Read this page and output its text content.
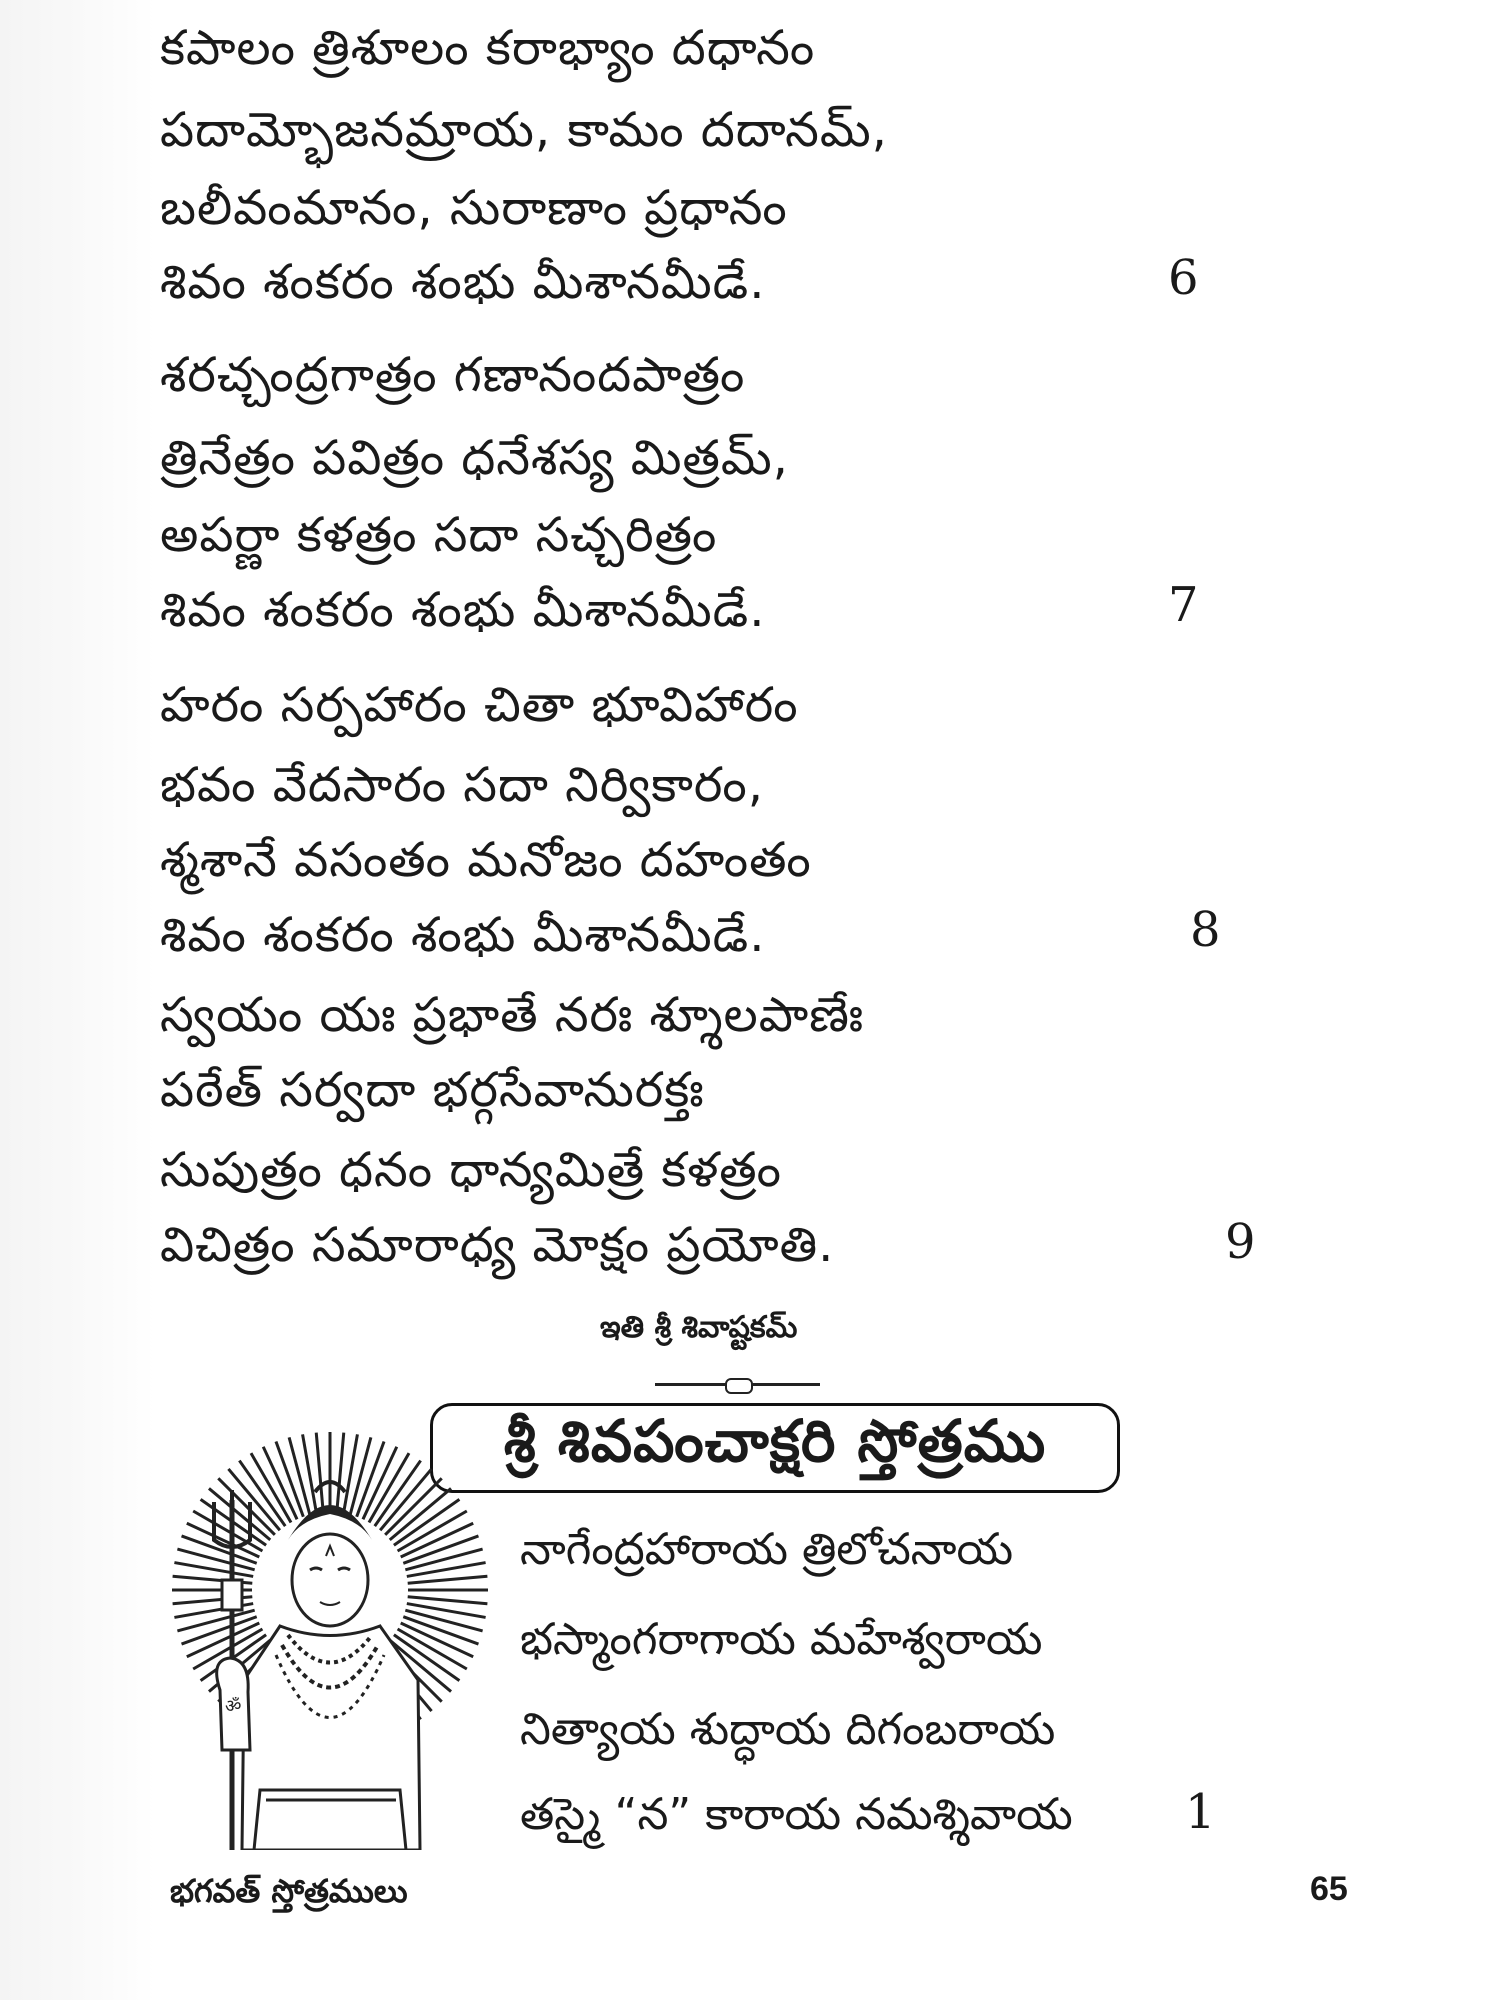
కపాలం త్రిశూలం కరాభ్యాం దధానం
పదామ్భోజనమ్రాయ, కామం దదానమ్,
బలీవంమానం, సురాణాం ప్రధానం
శివం శంకరం శంభు మీశానమీడే.	6
శరచ్చంద్రగాత్రం గణానందపాత్రం
త్రినేత్రం పవిత్రం ధనేశస్య మిత్రమ్,
అపర్ణా కళత్రం సదా సచ్చరిత్రం
శివం శంకరం శంభు మీశానమీడే.	7
హరం సర్పహారం చితా భూవిహారం
భవం వేదసారం సదా నిర్వికారం,
శ్మశానే వసంతం మనోజం దహంతం
శివం శంకరం శంభు మీశానమీడే.	8
స్వయం యః ప్రభాతే నరః శ్శూలపాణేః
పఠేత్ సర్వదా భర్గసేవానురక్తః
సుపుత్రం ధనం ధాన్యమిత్రే కళత్రం
విచిత్రం సమారాధ్య మోక్షం ప్రయోతి.	9
ఇతి శ్రీ శివాష్టకమ్
శ్రీ శివపంచాక్షరి స్తోత్రము
ॐ
నాగేంద్రహారాయ త్రిలోచనాయ
భస్మాంగరాగాయ మహేశ్వరాయ
నిత్యాయ శుద్ధాయ దిగంబరాయ
తస్మై “న” కారాయ నమశ్శివాయ 1
భగవత్ స్తోత్రములు	65
